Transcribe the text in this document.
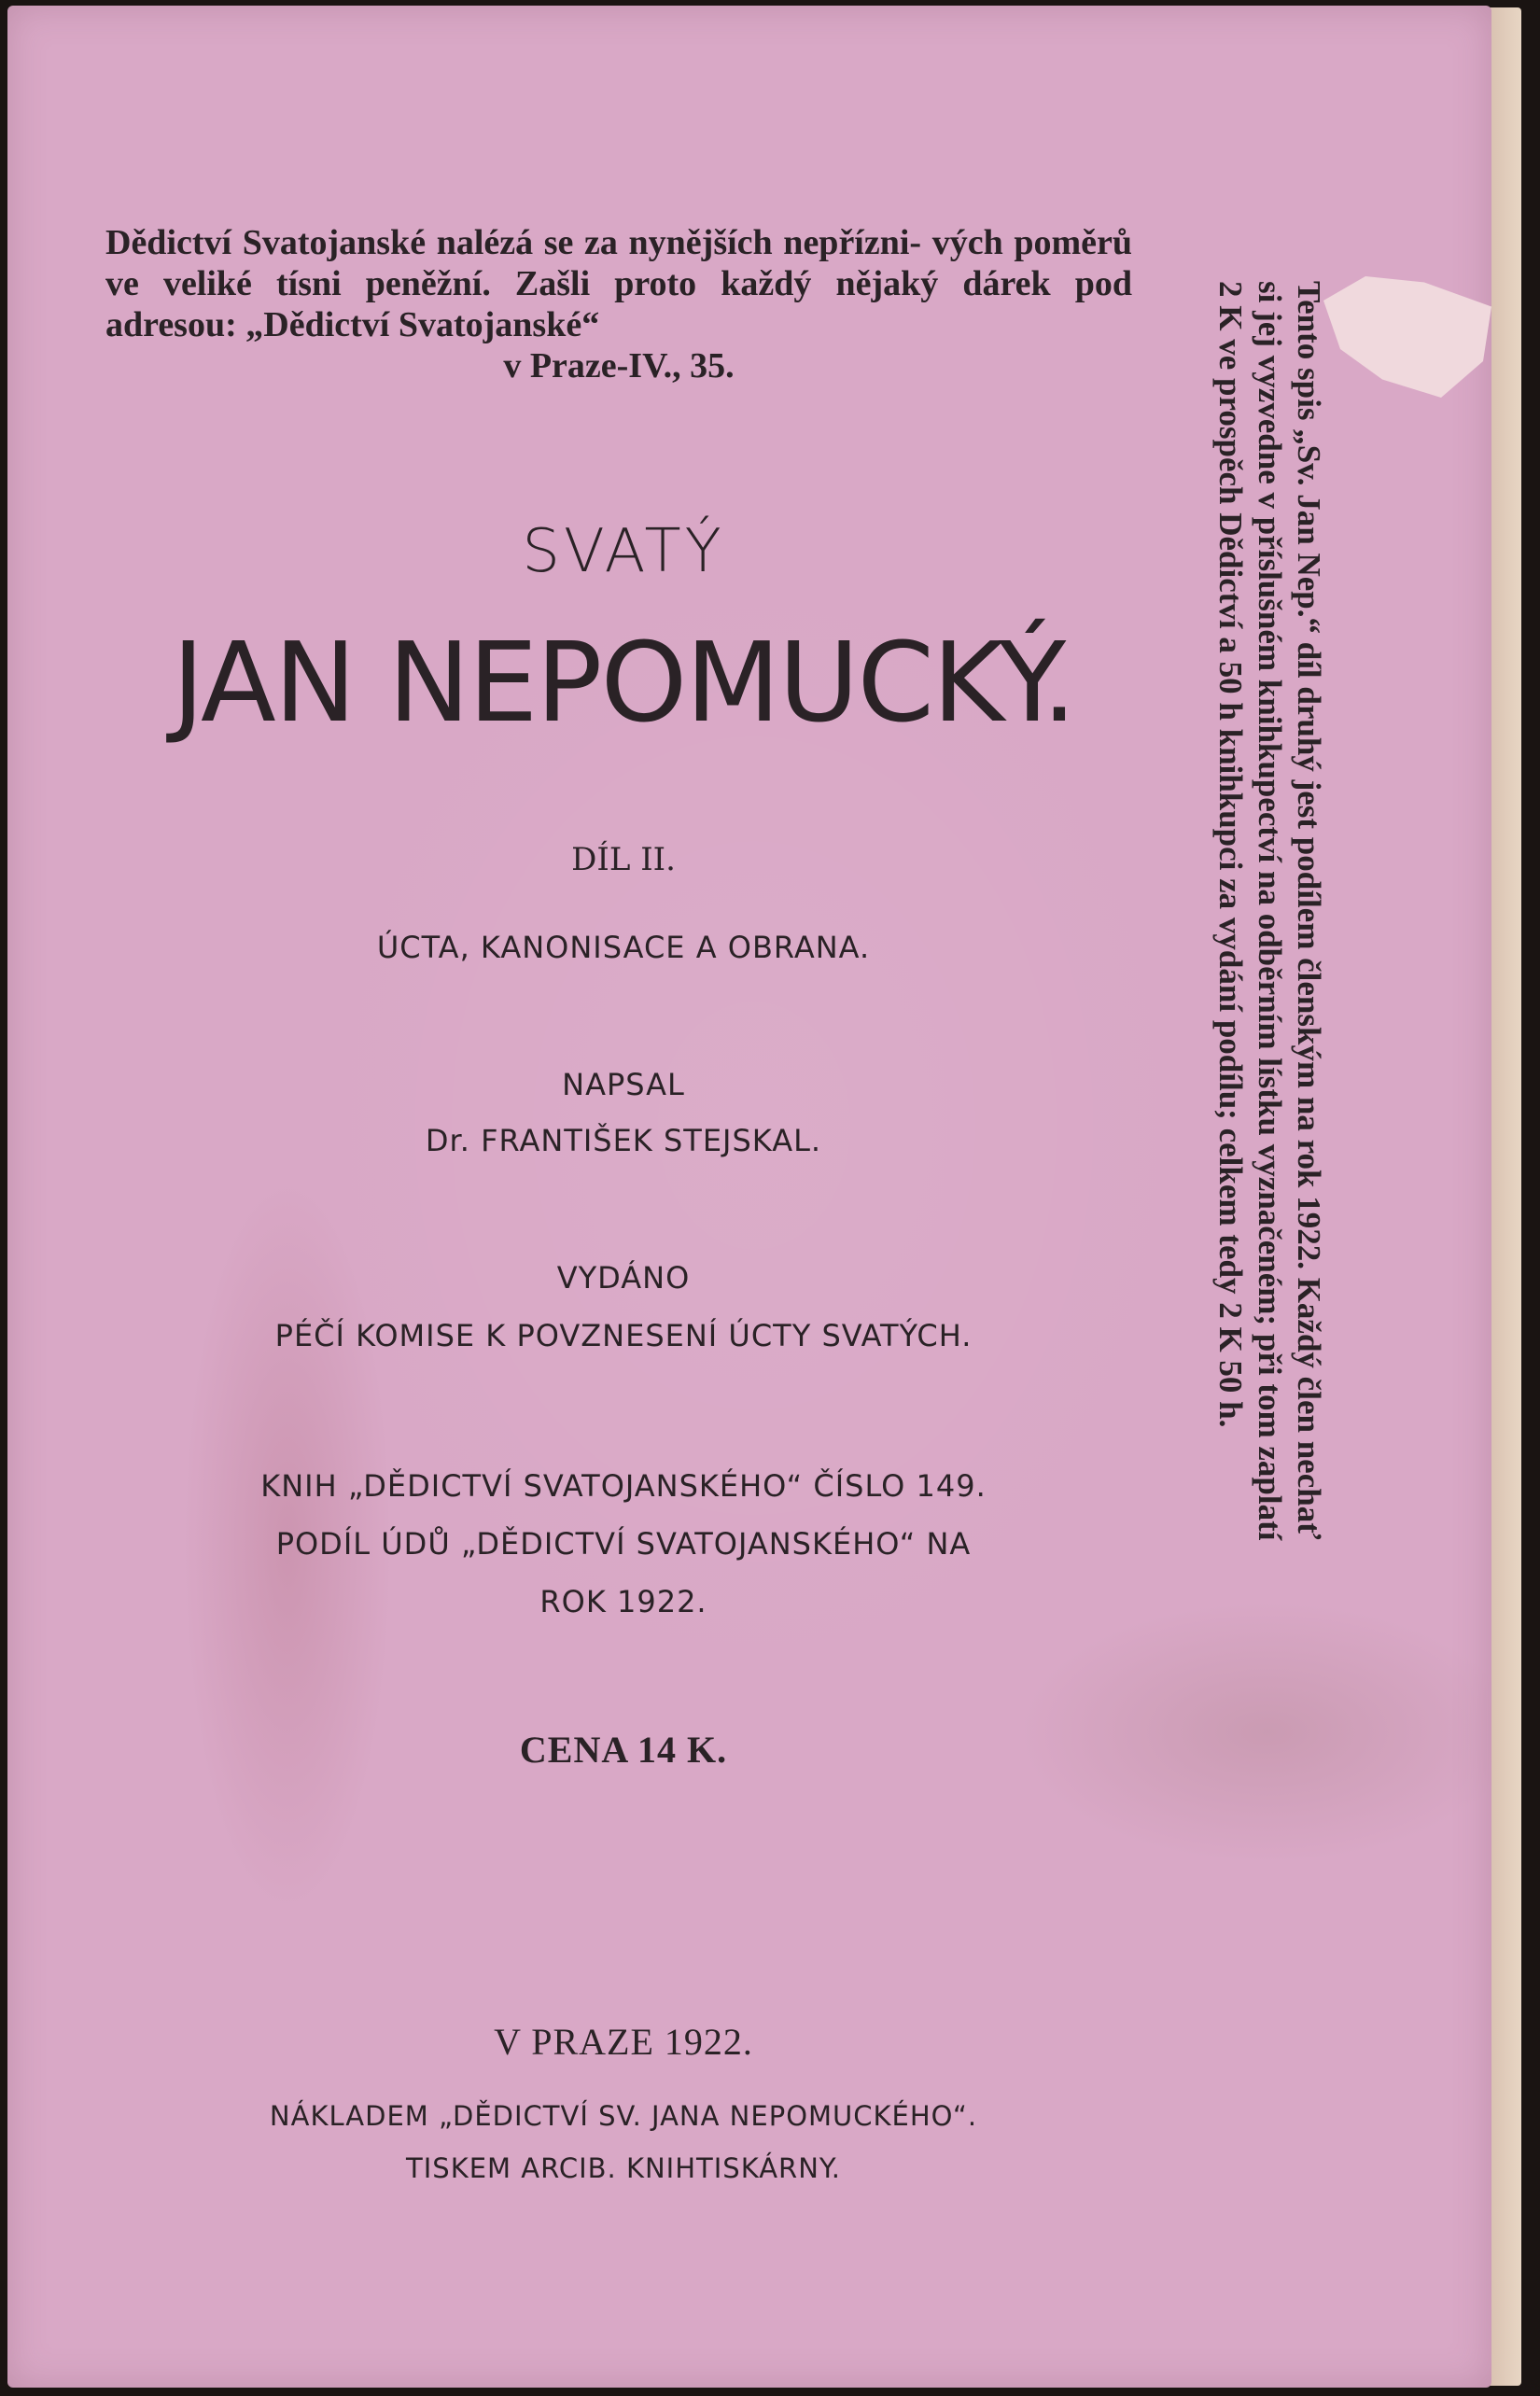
Dědictví Svatojanské nalézá se za nynějších nepřízni- vých poměrů ve veliké tísni peněžní. Zašli proto každý nějaký dárek pod adresou: „Dědictví Svatojanské“
v Praze-IV., 35.
SVATÝ
JAN NEPOMUCKÝ.
DÍL II.
ÚCTA, KANONISACE A OBRANA.
NAPSAL
Dr. FRANTIŠEK STEJSKAL.
VYDÁNO
PÉČÍ KOMISE K POVZNESENÍ ÚCTY SVATÝCH.
KNIH „DĚDICTVÍ SVATOJANSKÉHO“ ČÍSLO 149.
PODÍL ÚDŮ „DĚDICTVÍ SVATOJANSKÉHO“ NA
ROK 1922.
CENA 14 K.
V PRAZE 1922.
NÁKLADEM „DĚDICTVÍ SV. JANA NEPOMUCKÉHO“.
TISKEM ARCIB. KNIHTISKÁRNY.
Tento spis „Sv. Jan Nep.“ díl druhý jest podílem členským na rok 1922. Každý člen nechať
si jej vyzvedne v příslušném knihkupectví na odběrním lístku vyznačeném; při tom zaplatí
2 K ve prospěch Dědictví a 50 h knihkupci za vydání podílu; celkem tedy 2 K 50 h.
